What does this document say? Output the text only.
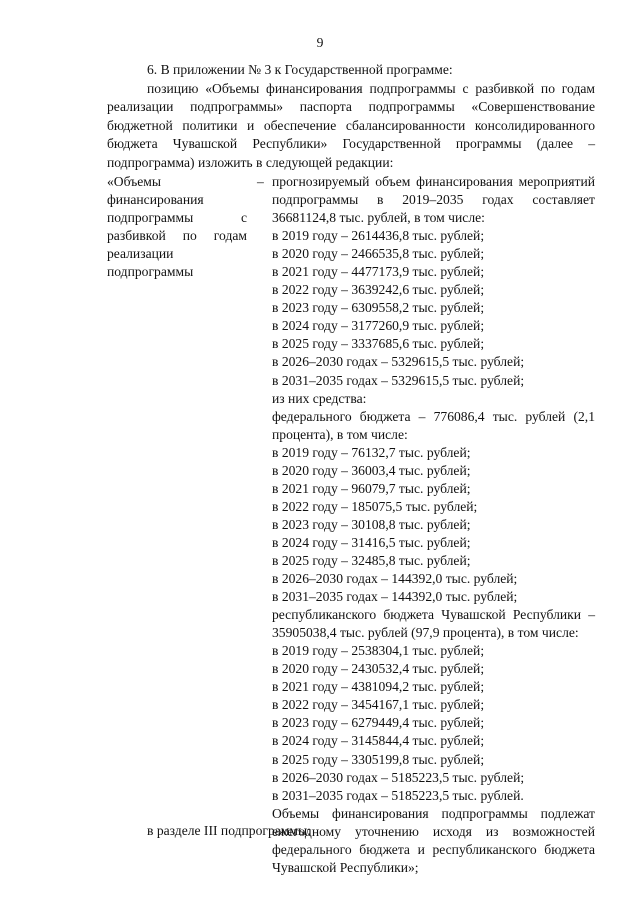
9

6. В приложении № 3 к Государственной программе:

позицию «Объемы финансирования подпрограммы с разбивкой по годам реализации подпрограммы» паспорта подпрограммы «Совершенствование бюджетной политики и обеспечение сбалансированности консолидированного бюджета Чувашской Республики» Государственной программы (далее – подпрограмма) изложить в следующей редакции:

«Объемы финансирования подпрограммы с разбивкой по годам реализации подпрограммы
– прогнозируемый объем финансирования мероприятий подпрограммы в 2019–2035 годах составляет 36681124,8 тыс. рублей, в том числе:
в 2019 году – 2614436,8 тыс. рублей;
в 2020 году – 2466535,8 тыс. рублей;
в 2021 году – 4477173,9 тыс. рублей;
в 2022 году – 3639242,6 тыс. рублей;
в 2023 году – 6309558,2 тыс. рублей;
в 2024 году – 3177260,9 тыс. рублей;
в 2025 году – 3337685,6 тыс. рублей;
в 2026–2030 годах – 5329615,5 тыс. рублей;
в 2031–2035 годах – 5329615,5 тыс. рублей;
из них средства:
федерального бюджета – 776086,4 тыс. рублей (2,1 процента), в том числе:
в 2019 году – 76132,7 тыс. рублей;
в 2020 году – 36003,4 тыс. рублей;
в 2021 году – 96079,7 тыс. рублей;
в 2022 году – 185075,5 тыс. рублей;
в 2023 году – 30108,8 тыс. рублей;
в 2024 году – 31416,5 тыс. рублей;
в 2025 году – 32485,8 тыс. рублей;
в 2026–2030 годах – 144392,0 тыс. рублей;
в 2031–2035 годах – 144392,0 тыс. рублей;
республиканского бюджета Чувашской Республики – 35905038,4 тыс. рублей (97,9 процента), в том числе:
в 2019 году – 2538304,1 тыс. рублей;
в 2020 году – 2430532,4 тыс. рублей;
в 2021 году – 4381094,2 тыс. рублей;
в 2022 году – 3454167,1 тыс. рублей;
в 2023 году – 6279449,4 тыс. рублей;
в 2024 году – 3145844,4 тыс. рублей;
в 2025 году – 3305199,8 тыс. рублей;
в 2026–2030 годах – 5185223,5 тыс. рублей;
в 2031–2035 годах – 5185223,5 тыс. рублей.
Объемы финансирования подпрограммы подлежат ежегодному уточнению исходя из возможностей федерального бюджета и республиканского бюджета Чувашской Республики»;
в разделе III подпрограммы:
